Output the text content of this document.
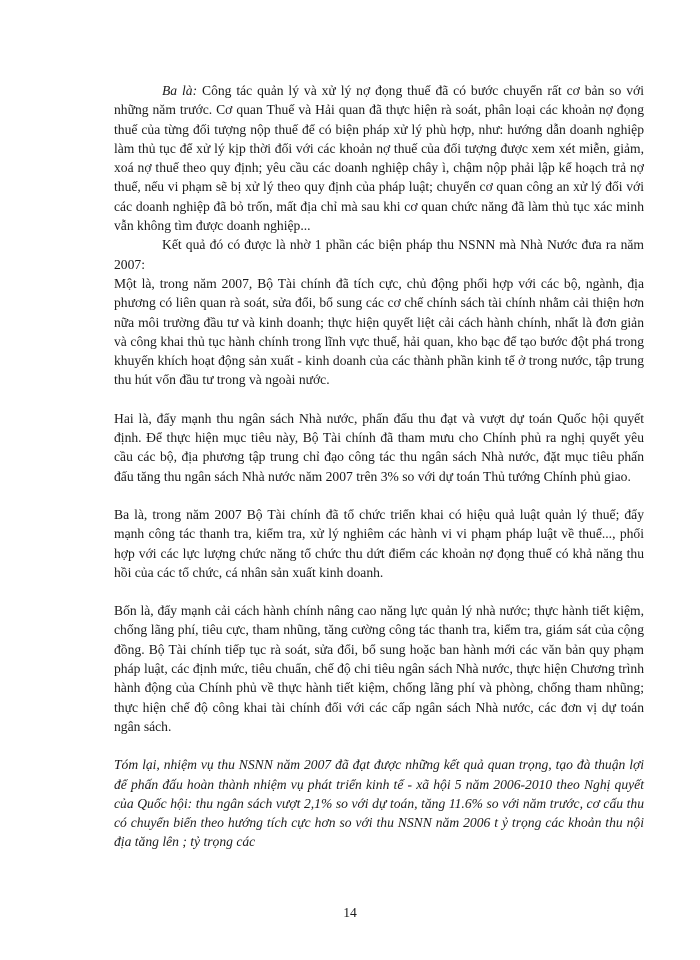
Ba là: Công tác quản lý và xử lý nợ đọng thuế đã có bước chuyển rất cơ bản so với những năm trước. Cơ quan Thuế và Hải quan đã thực hiện rà soát, phân loại các khoản nợ đọng thuế của từng đối tượng nộp thuế để có biện pháp xử lý phù hợp, như: hướng dẫn doanh nghiệp làm thủ tục để xử lý kịp thời đối với các khoản nợ thuế của đối tượng được xem xét miễn, giảm, xoá nợ thuế theo quy định; yêu cầu các doanh nghiệp chây ì, chậm nộp phải lập kế hoạch trả nợ thuế, nếu vi phạm sẽ bị xử lý theo quy định của pháp luật; chuyển cơ quan công an xử lý đối với các doanh nghiệp đã bỏ trốn, mất địa chỉ mà sau khi cơ quan chức năng đã làm thủ tục xác minh vẫn không tìm được doanh nghiệp...

Kết quả đó có được là nhờ 1 phần các biện pháp thu NSNN mà Nhà Nước đưa ra năm 2007:

Một là, trong năm 2007, Bộ Tài chính đã tích cực, chủ động phối hợp với các bộ, ngành, địa phương có liên quan rà soát, sửa đổi, bổ sung các cơ chế chính sách tài chính nhằm cải thiện hơn nữa môi trường đầu tư và kinh doanh; thực hiện quyết liệt cải cách hành chính, nhất là đơn giản và công khai thủ tục hành chính trong lĩnh vực thuế, hải quan, kho bạc để tạo bước đột phá trong khuyến khích hoạt động sản xuất - kinh doanh của các thành phần kinh tế ở trong nước, tập trung thu hút vốn đầu tư trong và ngoài nước.

Hai là, đẩy mạnh thu ngân sách Nhà nước, phấn đấu thu đạt và vượt dự toán Quốc hội quyết định. Để thực hiện mục tiêu này, Bộ Tài chính đã tham mưu cho Chính phủ ra nghị quyết yêu cầu các bộ, địa phương tập trung chỉ đạo công tác thu ngân sách Nhà nước, đặt mục tiêu phấn đấu tăng thu ngân sách Nhà nước năm 2007 trên 3% so với dự toán Thủ tướng Chính phủ giao.

Ba là, trong năm 2007 Bộ Tài chính đã tổ chức triển khai có hiệu quả luật quản lý thuế; đẩy mạnh công tác thanh tra, kiểm tra, xử lý nghiêm các hành vi vi phạm pháp luật về thuế..., phối hợp với các lực lượng chức năng tổ chức thu dứt điểm các khoản nợ đọng thuế có khả năng thu hồi của các tổ chức, cá nhân sản xuất kinh doanh.

Bốn là, đẩy mạnh cải cách hành chính nâng cao năng lực quản lý nhà nước; thực hành tiết kiệm, chống lãng phí, tiêu cực, tham nhũng, tăng cường công tác thanh tra, kiểm tra, giám sát của cộng đồng. Bộ Tài chính tiếp tục rà soát, sửa đổi, bổ sung hoặc ban hành mới các văn bản quy phạm pháp luật, các định mức, tiêu chuẩn, chế độ chi tiêu ngân sách Nhà nước, thực hiện Chương trình hành động của Chính phủ về thực hành tiết kiệm, chống lãng phí và phòng, chống tham nhũng; thực hiện chế độ công khai tài chính đối với các cấp ngân sách Nhà nước, các đơn vị dự toán ngân sách.

Tóm lại, nhiệm vụ thu NSNN năm 2007 đã đạt được những kết quả quan trọng, tạo đà thuận lợi để phấn đấu hoàn thành nhiệm vụ phát triển kinh tế - xã hội 5 năm 2006-2010 theo Nghị quyết của Quốc hội: thu ngân sách vượt 2,1% so với dự toán, tăng 11.6% so với năm trước, cơ cấu thu có chuyển biến theo hướng tích cực hơn so với thu NSNN năm 2006 t ỷ trọng các khoản thu nội địa tăng lên ; tỷ trọng các

14
